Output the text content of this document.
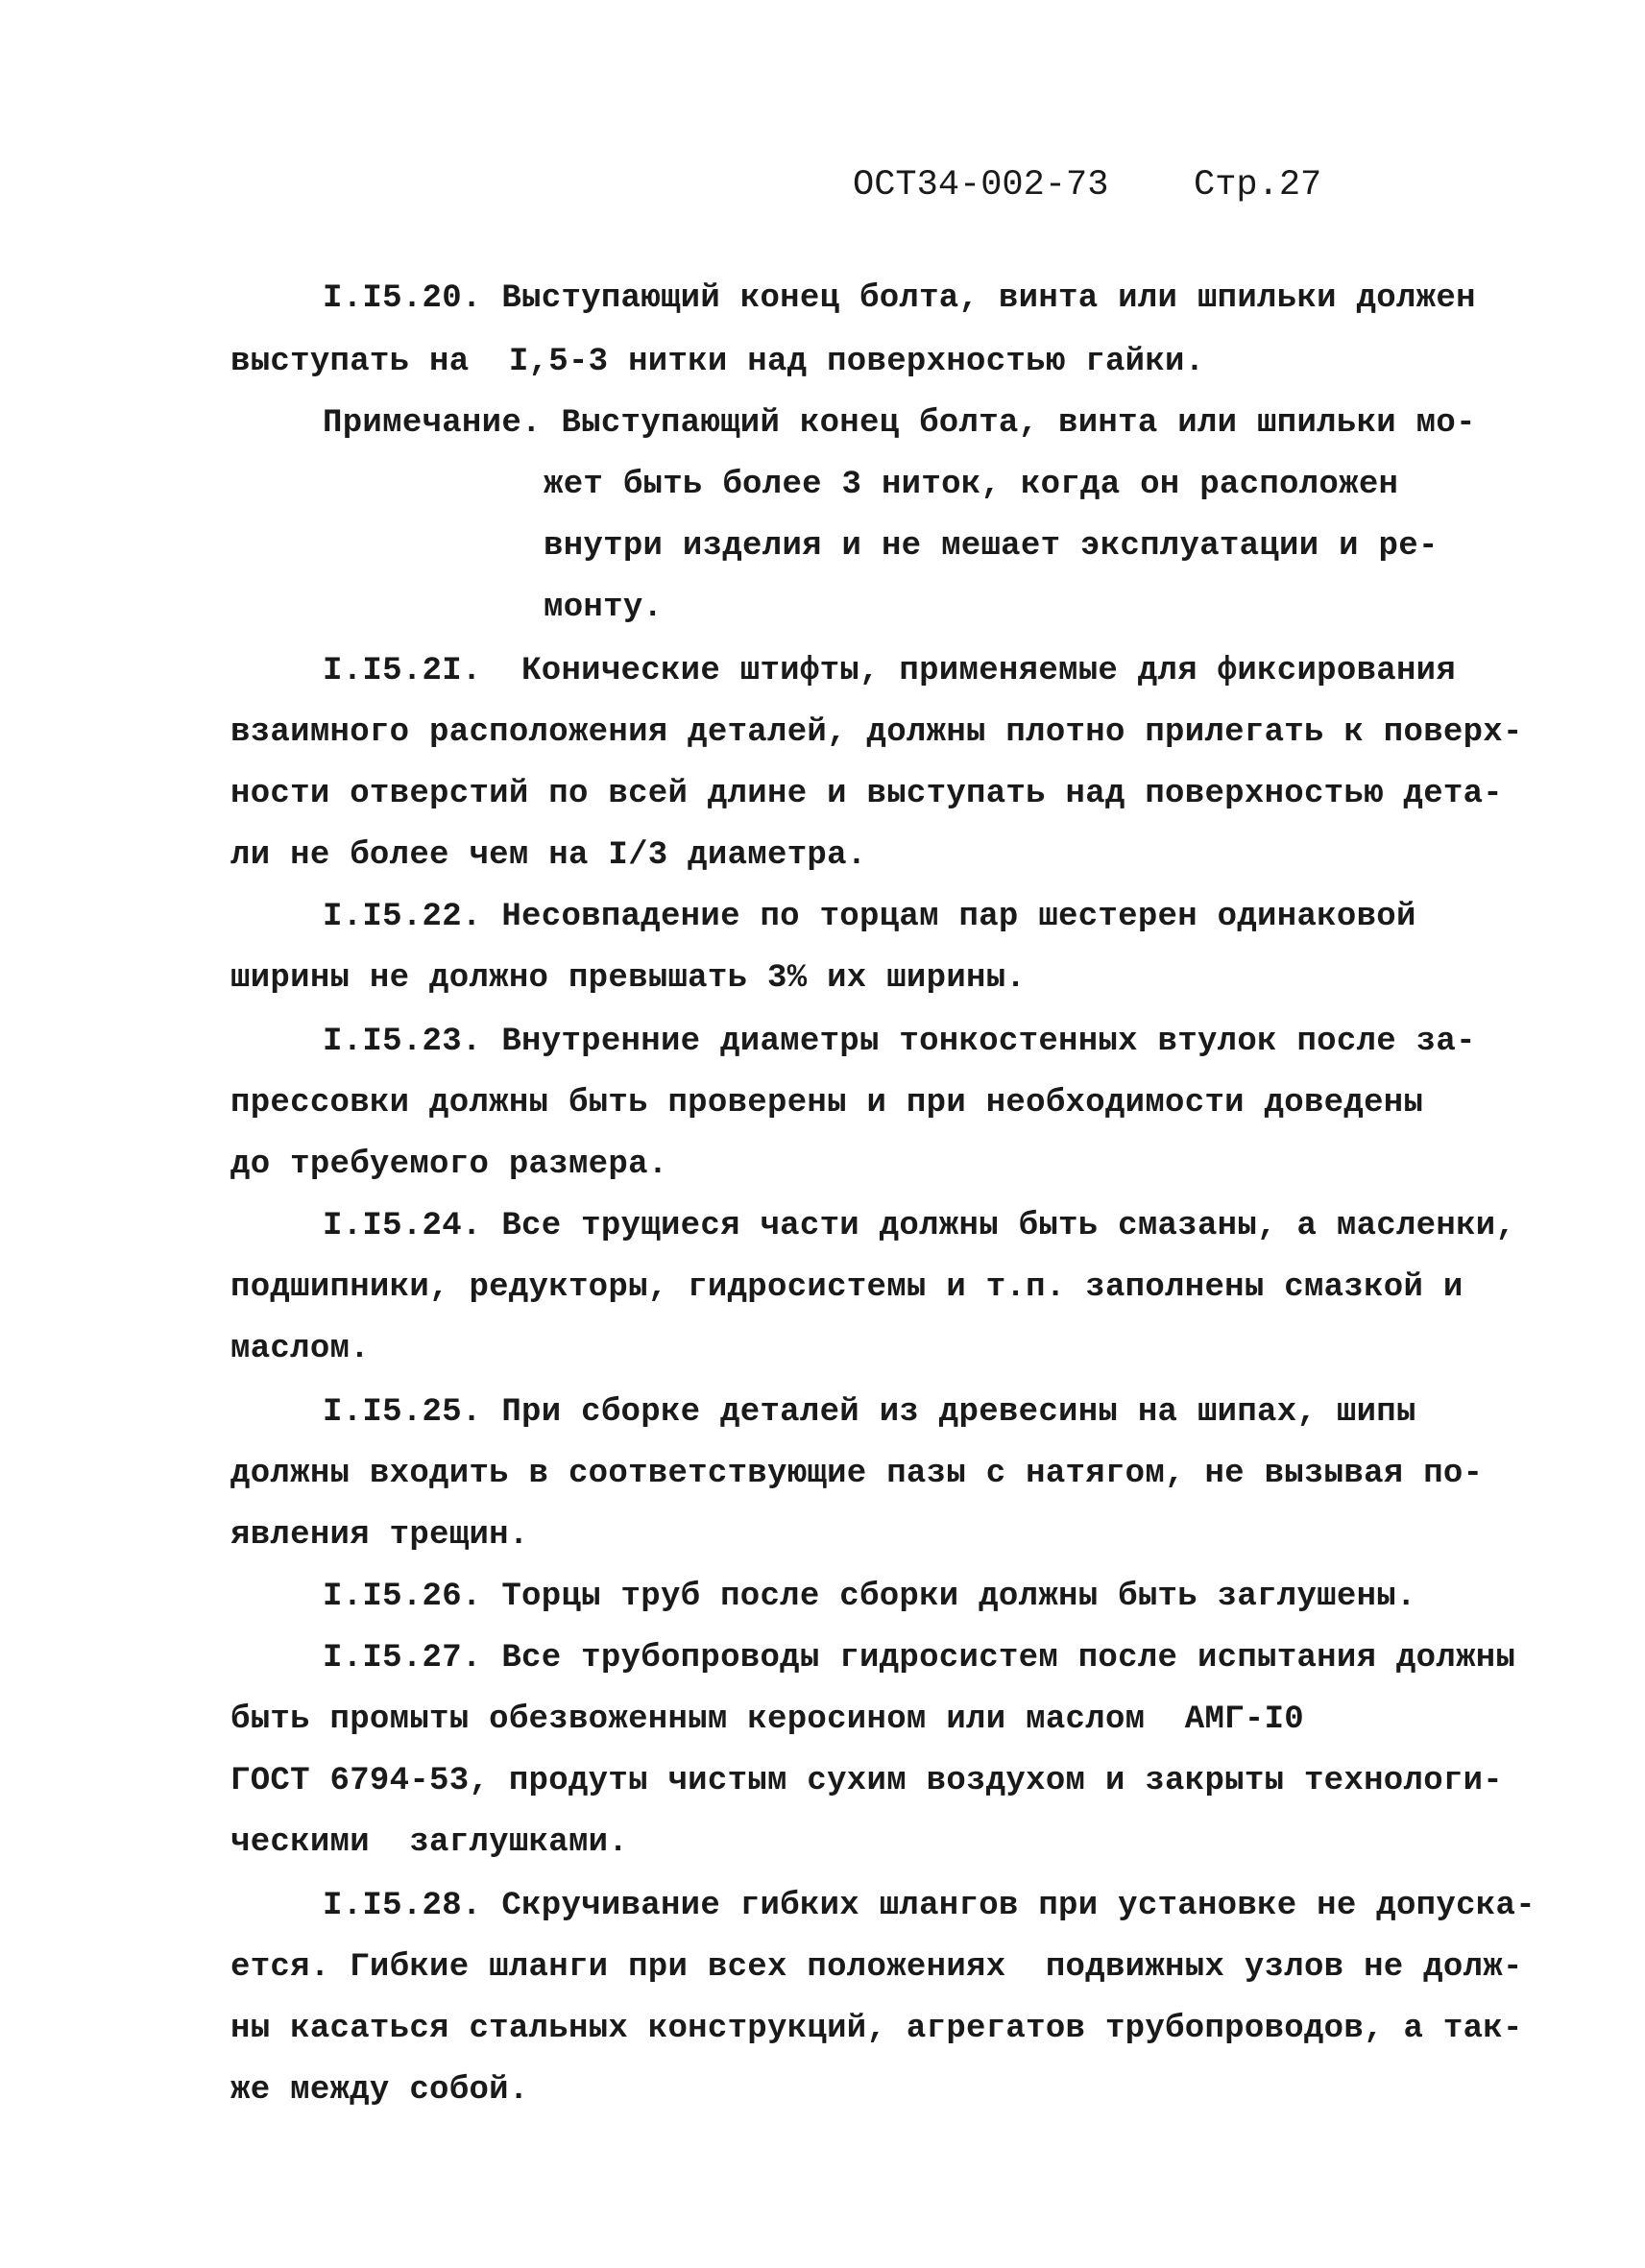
ОСТ34-002-73 Стр.27
I.I5.20. Выступающий конец болта, винта или шпильки должен
выступать на  I,5-3 нитки над поверхностью гайки.
Примечание. Выступающий конец болта, винта или шпильки мо-
жет быть более 3 ниток, когда он расположен
внутри изделия и не мешает эксплуатации и ре-
монту.
I.I5.2I.  Конические штифты, применяемые для фиксирования
взаимного расположения деталей, должны плотно прилегать к поверх-
ности отверстий по всей длине и выступать над поверхностью дета-
ли не более чем на I/3 диаметра.
I.I5.22. Несовпадение по торцам пар шестерен одинаковой
ширины не должно превышать 3% их ширины.
I.I5.23. Внутренние диаметры тонкостенных втулок после за-
прессовки должны быть проверены и при необходимости доведены
до требуемого размера.
I.I5.24. Все трущиеся части должны быть смазаны, а масленки,
подшипники, редукторы, гидросистемы и т.п. заполнены смазкой и
маслом.
I.I5.25. При сборке деталей из древесины на шипах, шипы
должны входить в соответствующие пазы с натягом, не вызывая по-
явления трещин.
I.I5.26. Торцы труб после сборки должны быть заглушены.
I.I5.27. Все трубопроводы гидросистем после испытания должны
быть промыты обезвоженным керосином или маслом  АМГ-I0
ГОСТ 6794-53, продуты чистым сухим воздухом и закрыты технологи-
ческими  заглушками.
I.I5.28. Скручивание гибких шлангов при установке не допуска-
ется. Гибкие шланги при всех положениях  подвижных узлов не долж-
ны касаться стальных конструкций, агрегатов трубопроводов, а так-
же между собой.
